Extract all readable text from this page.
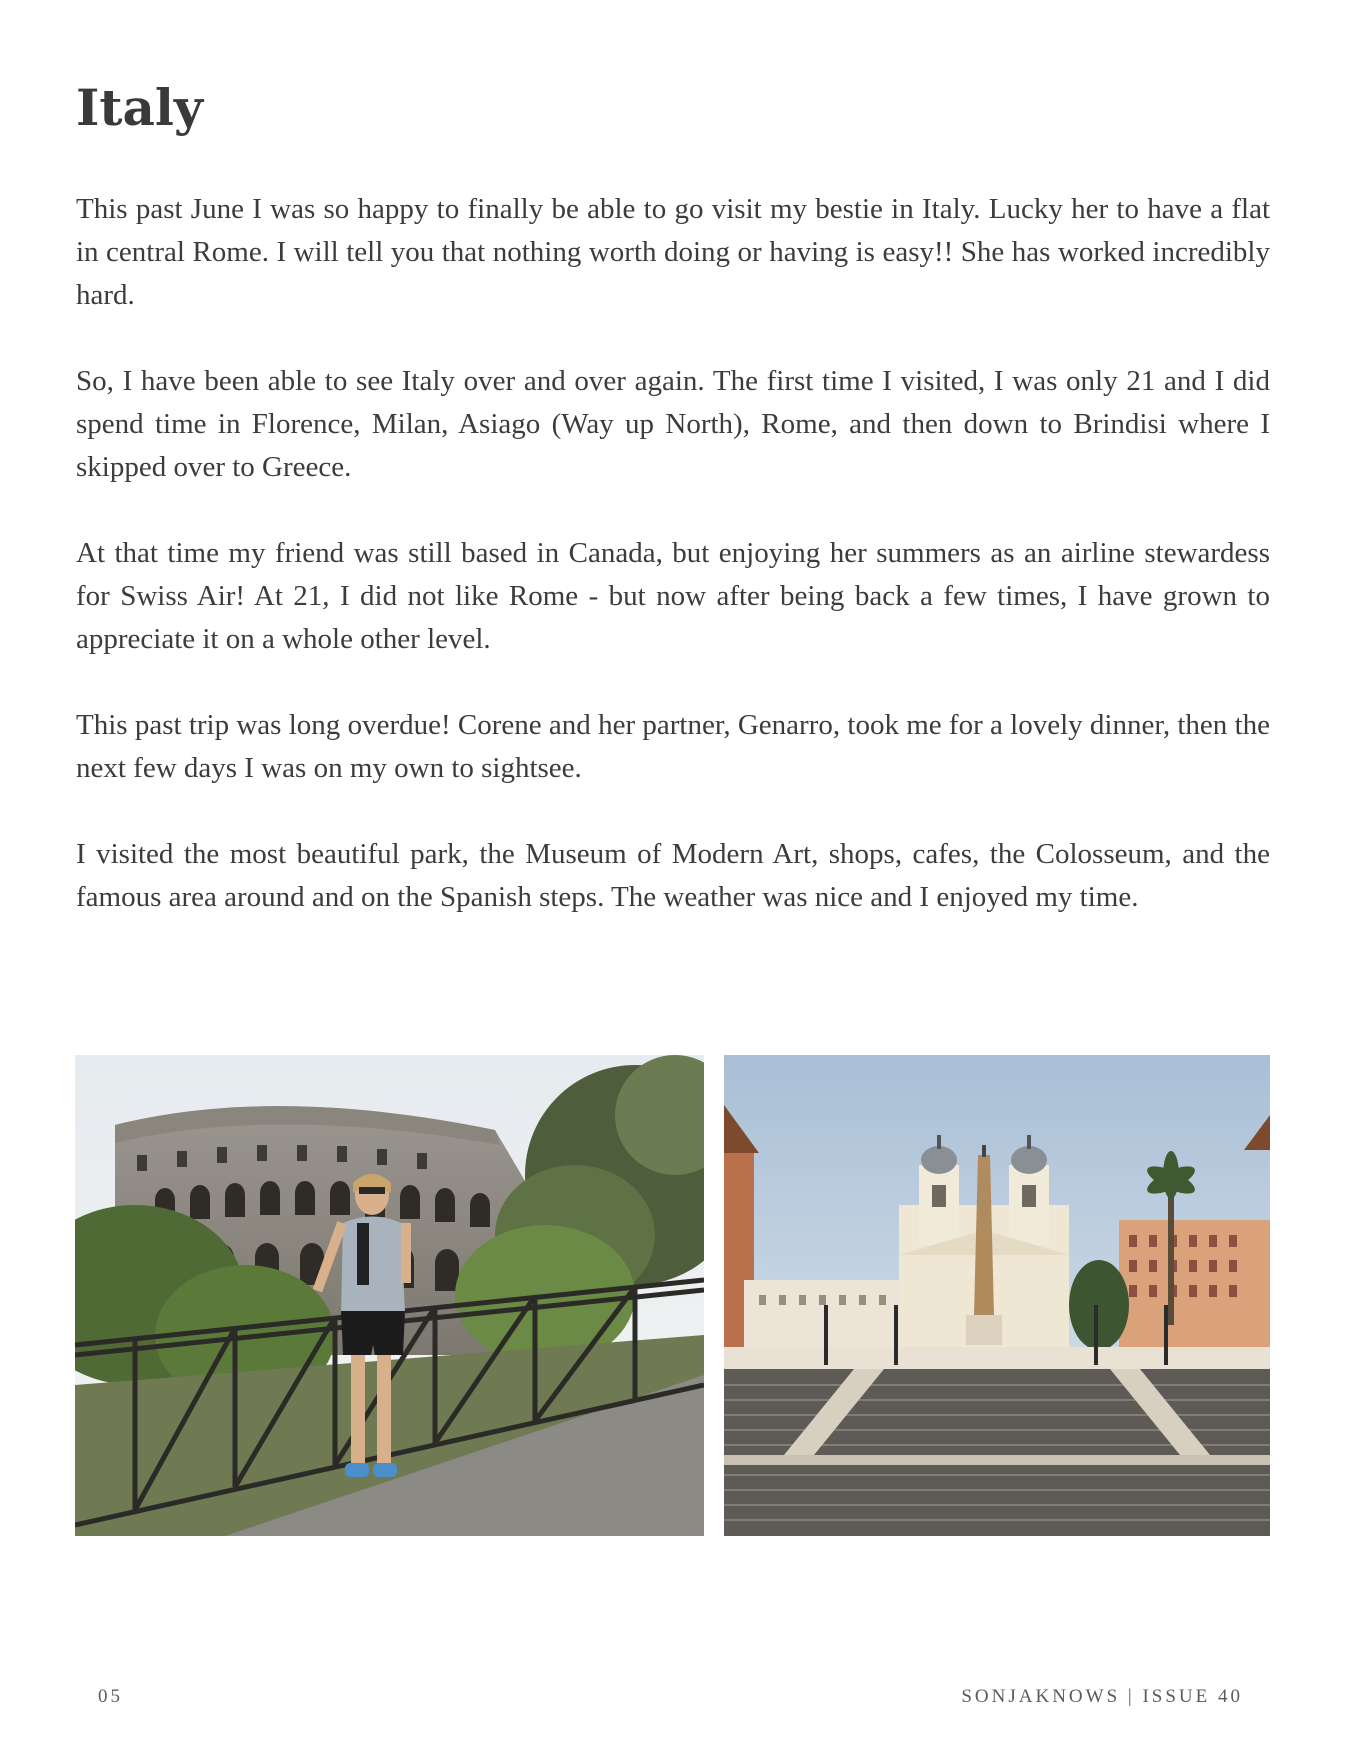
Italy

This past June I was so happy to finally be able to go visit my bestie in Italy. Lucky her to have a flat in central Rome. I will tell you that nothing worth doing or having is easy!! She has worked incredibly hard.

So, I have been able to see Italy over and over again. The first time I visited, I was only 21 and I did spend time in Florence, Milan, Asiago (Way up North), Rome, and then down to Brindisi where I skipped over to Greece.

At that time my friend was still based in Canada, but enjoying her summers as an airline stewardess for Swiss Air! At 21, I did not like Rome - but now after being back a few times, I have grown to appreciate it on a whole other level.

This past trip was long overdue! Corene and her partner, Genarro, took me for a lovely dinner, then the next few days I was on my own to sightsee.

I visited the most beautiful park, the Museum of Modern Art, shops, cafes, the Colosseum, and the famous area around and on the Spanish steps. The weather was nice and I enjoyed my time.

05	SONJAKNOWS | ISSUE 40
